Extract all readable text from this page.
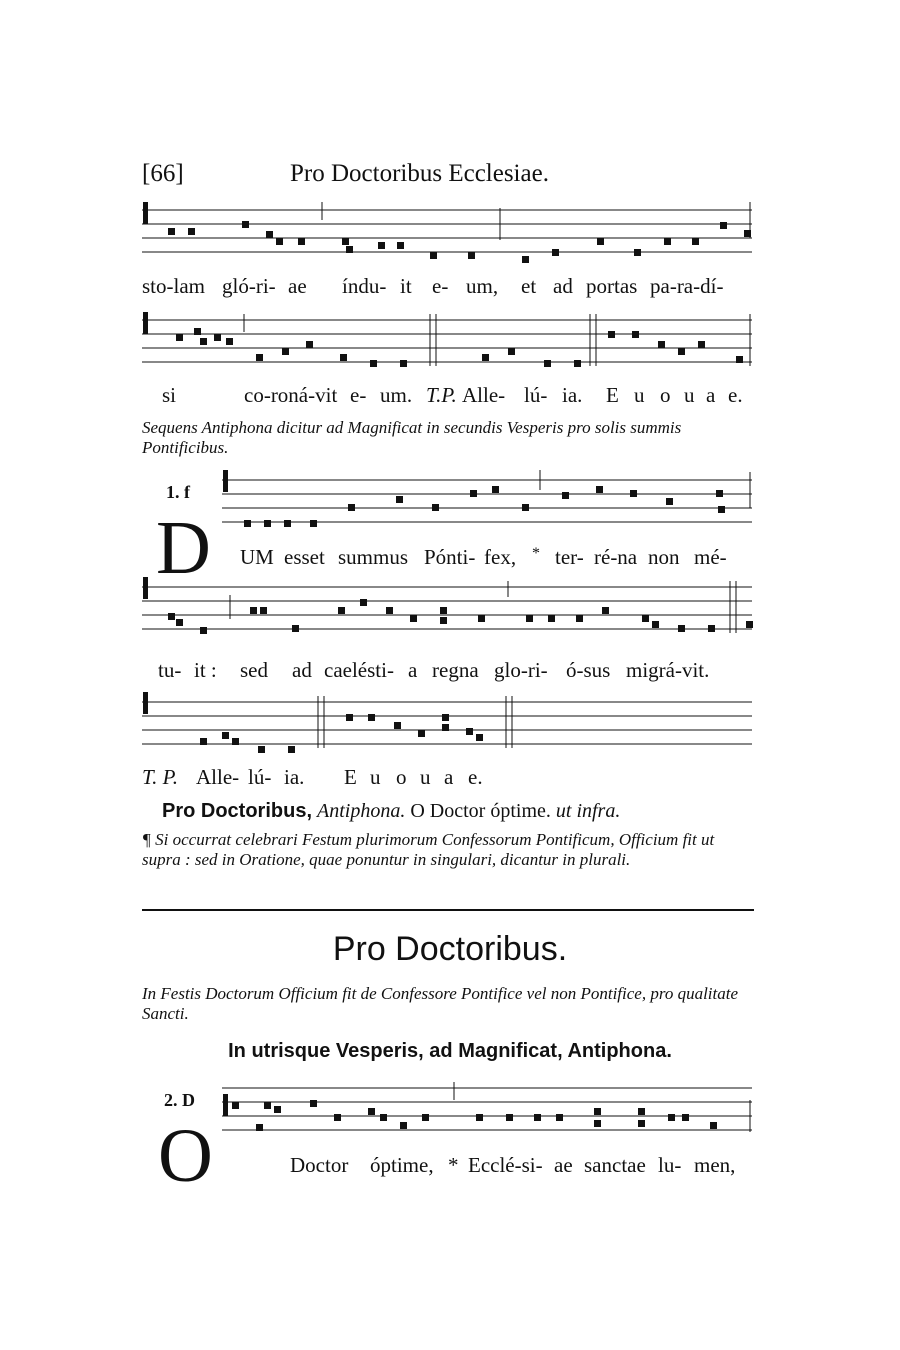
[66]	Pro Doctoribus Ecclesiae.
sto-lam gló-ri- ae índu- it e- um, et ad portas pa-ra-dí-
si	co-roná-vit e- um. T.P. Alle- lú- ia. E u o u a e.
Sequens Antiphona dicitur ad Magnificat in secundis Vesperis pro solis summis Pontificibus.
1. f
D UM esset summus Pónti- fex, * ter- ré-na non mé-
tu- it : sed ad caelésti- a regna glo-ri- ó-sus migrá-vit.
T. P. Alle- lú- ia. E u o u a e.
Pro Doctoribus, Antiphona. O Doctor óptime. ut infra.
¶ Si occurrat celebrari Festum plurimorum Confessorum Pontificum, Officium fit ut supra : sed in Oratione, quae ponuntur in singulari, dicantur in plurali.
Pro Doctoribus.
In Festis Doctorum Officium fit de Confessore Pontifice vel non Pontifice, pro qualitate Sancti.
In utrisque Vesperis, ad Magnificat, Antiphona.
2. D
O	Doctor óptime, * Ecclé-si- ae sanctae lu- men,
